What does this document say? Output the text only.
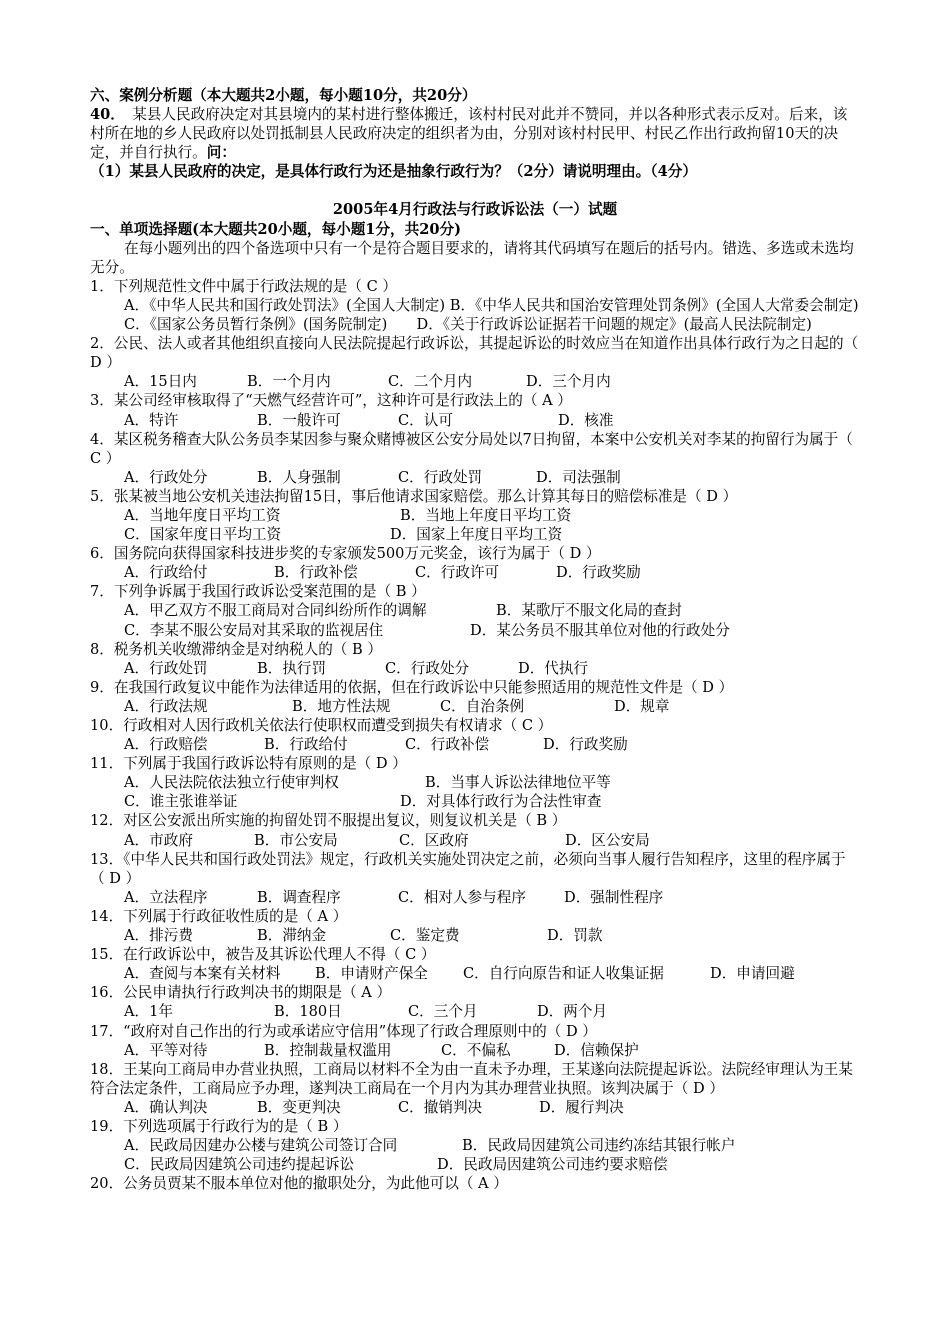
六、案例分析题（本大题共2小题，每小题10分，共20分）
40．　某县人民政府决定对其县境内的某村进行整体搬迁，该村村民对此并不赞同，并以各种形式表示反对。后来，该村所在地的乡人民政府以处罚抵制县人民政府决定的组织者为由，分别对该村村民甲、村民乙作出行政拘留10天的决定，并自行执行。问：
（1）某县人民政府的决定，是具体行政行为还是抽象行政行为？（2分）请说明理由。（4分）
2005年4月行政法与行政诉讼法（一）试题
一、单项选择题(本大题共20小题，每小题1分，共20分)
在每小题列出的四个备选项中只有一个是符合题目要求的，请将其代码填写在题后的括号内。错选、多选或未选均无分。
1．下列规范性文件中属于行政法规的是（ C ）
A．《中华人民共和国行政处罚法》(全国人大制定) B．《中华人民共和国治安管理处罚条例》(全国人大常委会制定)
C．《国家公务员暂行条例》(国务院制定)　　D．《关于行政诉讼证据若干问题的规定》(最高人民法院制定)
2．公民、法人或者其他组织直接向人民法院提起行政诉讼，其提起诉讼的时效应当在知道作出具体行政行为之日起的（ D ）
A．15日内	B．一个月内	C．二个月内	D．三个月内
3．某公司经审核取得了“天燃气经营许可”，这种许可是行政法上的（ A ）
A．特许	B．一般许可	C．认可	D．核准
4．某区税务稽查大队公务员李某因参与聚众赌博被区公安分局处以7日拘留，本案中公安机关对李某的拘留行为属于（ C ）
A．行政处分	B．人身强制	C．行政处罚	D．司法强制
5．张某被当地公安机关违法拘留15日，事后他请求国家赔偿。那么计算其每日的赔偿标准是（ D ）
A．当地年度日平均工资	B．当地上年度日平均工资
C．国家年度日平均工资	D．国家上年度日平均工资
6．国务院向获得国家科技进步奖的专家颁发500万元奖金，该行为属于（ D ）
A．行政给付	B．行政补偿	C．行政许可	D．行政奖励
7．下列争诉属于我国行政诉讼受案范围的是（ B ）
A．甲乙双方不服工商局对合同纠纷所作的调解	B．某歌厅不服文化局的查封
C．李某不服公安局对其采取的监视居住	D．某公务员不服其单位对他的行政处分
8．税务机关收缴滞纳金是对纳税人的（ B ）
A．行政处罚	B．执行罚	C．行政处分	D．代执行
9．在我国行政复议中能作为法律适用的依据，但在行政诉讼中只能参照适用的规范性文件是（ D ）
A．行政法规	B．地方性法规	C．自治条例	D．规章
10．行政相对人因行政机关依法行使职权而遭受到损失有权请求（ C ）
A．行政赔偿	B．行政给付	C．行政补偿	D．行政奖励
11．下列属于我国行政诉讼特有原则的是（ D ）
A．人民法院依法独立行使审判权	B．当事人诉讼法律地位平等
C．谁主张谁举证	D．对具体行政行为合法性审查
12．对区公安派出所实施的拘留处罚不服提出复议，则复议机关是（ B ）
A．市政府	B．市公安局	C．区政府	D．区公安局
13．《中华人民共和国行政处罚法》规定，行政机关实施处罚决定之前，必须向当事人履行告知程序，这里的程序属于（ D ）
A．立法程序	B．调查程序	C．相对人参与程序	D．强制性程序
14．下列属于行政征收性质的是（ A ）
A．排污费	B．滞纳金	C．鉴定费	D．罚款
15．在行政诉讼中，被告及其诉讼代理人不得（ C ）
A．查阅与本案有关材料 B．申请财产保全 C．自行向原告和证人收集证据	D．申请回避
16．公民申请执行行政判决书的期限是（ A ）
A．1年	B．180日	C．三个月	D．两个月
17．“政府对自己作出的行为或承诺应守信用”体现了行政合理原则中的（ D ）
A．平等对待	B．控制裁量权滥用	C．不偏私	D．信赖保护
18．王某向工商局申办营业执照，工商局以材料不全为由一直未予办理，王某遂向法院提起诉讼。法院经审理认为王某符合法定条件，工商局应予办理，遂判决工商局在一个月内为其办理营业执照。该判决属于（ D ）
A．确认判决	B．变更判决	C．撤销判决	D．履行判决
19．下列选项属于行政行为的是（ B ）
A．民政局因建办公楼与建筑公司签订合同	B．民政局因建筑公司违约冻结其银行帐户
C．民政局因建筑公司违约提起诉讼	D．民政局因建筑公司违约要求赔偿
20．公务员贾某不服本单位对他的撤职处分，为此他可以（ A ）
